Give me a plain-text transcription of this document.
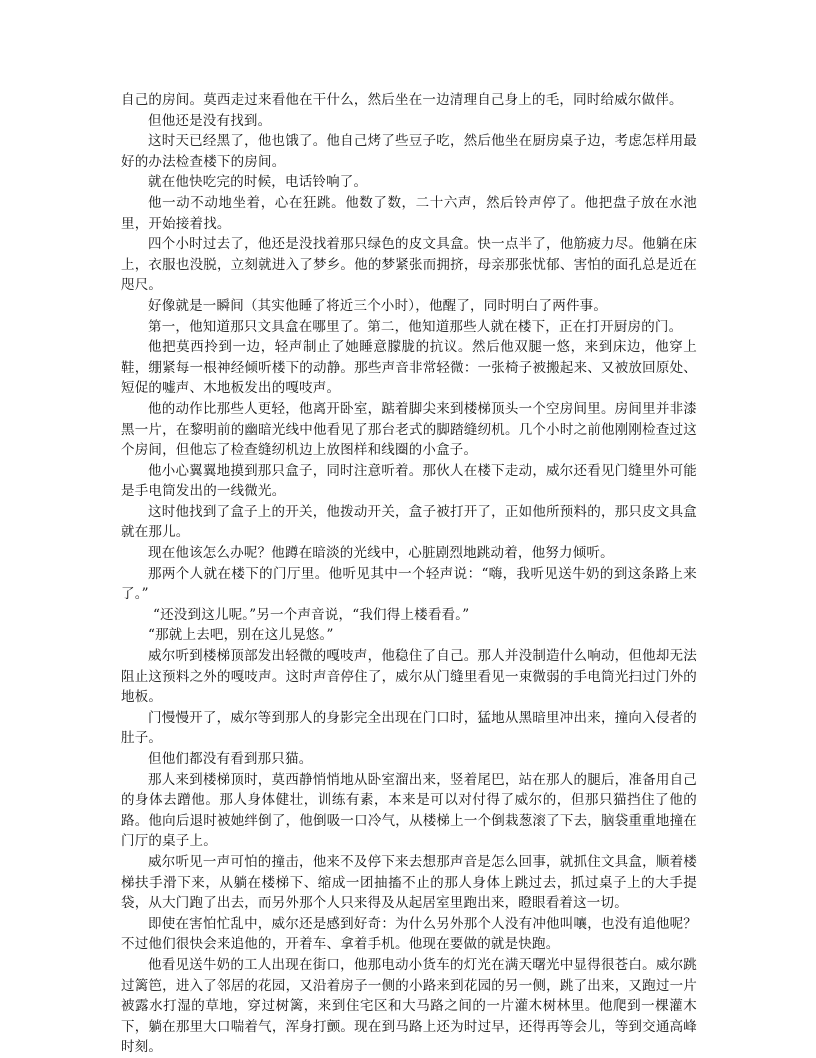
自己的房间。莫西走过来看他在干什么，然后坐在一边清理自己身上的毛，同时给威尔做伴。

但他还是没有找到。

这时天已经黑了，他也饿了。他自己烤了些豆子吃，然后他坐在厨房桌子边，考虑怎样用最好的办法检查楼下的房间。

就在他快吃完的时候，电话铃响了。

他一动不动地坐着，心在狂跳。他数了数，二十六声，然后铃声停了。他把盘子放在水池里，开始接着找。

四个小时过去了，他还是没找着那只绿色的皮文具盒。快一点半了，他筋疲力尽。他躺在床上，衣服也没脱，立刻就进入了梦乡。他的梦紧张而拥挤，母亲那张忧郁、害怕的面孔总是近在咫尺。

好像就是一瞬间（其实他睡了将近三个小时），他醒了，同时明白了两件事。

第一，他知道那只文具盒在哪里了。第二，他知道那些人就在楼下，正在打开厨房的门。

他把莫西拎到一边，轻声制止了她睡意朦胧的抗议。然后他双腿一悠，来到床边，他穿上鞋，绷紧每一根神经倾听楼下的动静。那些声音非常轻微：一张椅子被搬起来、又被放回原处、短促的嘘声、木地板发出的嘎吱声。

他的动作比那些人更轻，他离开卧室，踮着脚尖来到楼梯顶头一个空房间里。房间里并非漆黑一片，在黎明前的幽暗光线中他看见了那台老式的脚踏缝纫机。几个小时之前他刚刚检查过这个房间，但他忘了检查缝纫机边上放图样和线圈的小盒子。

他小心翼翼地摸到那只盒子，同时注意听着。那伙人在楼下走动，威尔还看见门缝里外可能是手电筒发出的一线微光。

这时他找到了盒子上的开关，他拨动开关，盒子被打开了，正如他所预料的，那只皮文具盒就在那儿。

现在他该怎么办呢？他蹲在暗淡的光线中，心脏剧烈地跳动着，他努力倾听。

那两个人就在楼下的门厅里。他听见其中一个轻声说：“嗨，我听见送牛奶的到这条路上来了。”

“还没到这儿呢。”另一个声音说，“我们得上楼看看。”

“那就上去吧，别在这儿晃悠。”

威尔听到楼梯顶部发出轻微的嘎吱声，他稳住了自己。那人并没制造什么响动，但他却无法阻止这预料之外的嘎吱声。这时声音停住了，威尔从门缝里看见一束微弱的手电筒光扫过门外的地板。

门慢慢开了，威尔等到那人的身影完全出现在门口时，猛地从黑暗里冲出来，撞向入侵者的肚子。

但他们都没有看到那只猫。

那人来到楼梯顶时，莫西静悄悄地从卧室溜出来，竖着尾巴，站在那人的腿后，准备用自己的身体去蹭他。那人身体健壮，训练有素，本来是可以对付得了威尔的，但那只猫挡住了他的路。他向后退时被她绊倒了，他倒吸一口冷气，从楼梯上一个倒栽葱滚了下去，脑袋重重地撞在门厅的桌子上。

威尔听见一声可怕的撞击，他来不及停下来去想那声音是怎么回事，就抓住文具盒，顺着楼梯扶手滑下来，从躺在楼梯下、缩成一团抽搐不止的那人身体上跳过去，抓过桌子上的大手提袋，从大门跑了出去，而另外那个人只来得及从起居室里跑出来，瞪眼看着这一切。

即使在害怕忙乱中，威尔还是感到好奇：为什么另外那个人没有冲他叫嚷，也没有追他呢？不过他们很快会来追他的，开着车、拿着手机。他现在要做的就是快跑。

他看见送牛奶的工人出现在街口，他那电动小货车的灯光在满天曙光中显得很苍白。威尔跳过篱笆，进入了邻居的花园，又沿着房子一侧的小路来到花园的另一侧，跳了出来，又跑过一片被露水打湿的草地，穿过树篱，来到住宅区和大马路之间的一片灌木树林里。他爬到一棵灌木下，躺在那里大口喘着气，浑身打颤。现在到马路上还为时过早，还得再等会儿，等到交通高峰时刻。
